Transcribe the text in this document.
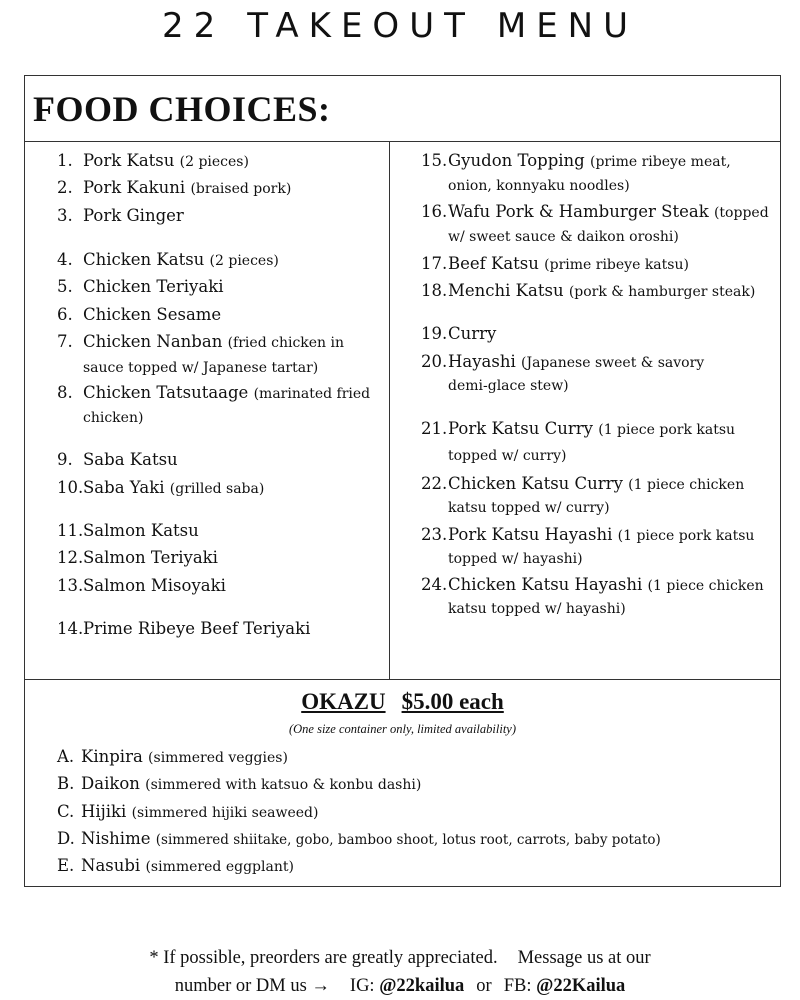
22 TAKEOUT MENU
FOOD CHOICES:
1. Pork Katsu (2 pieces)
2. Pork Kakuni (braised pork)
3. Pork Ginger
4. Chicken Katsu (2 pieces)
5. Chicken Teriyaki
6. Chicken Sesame
7. Chicken Nanban (fried chicken in
sauce topped w/ Japanese tartar)
8. Chicken Tatsutaage (marinated fried
chicken)
9. Saba Katsu
10.Saba Yaki (grilled saba)
11.Salmon Katsu
12.Salmon Teriyaki
13.Salmon Misoyaki
14.Prime Ribeye Beef Teriyaki
15.Gyudon Topping (prime ribeye meat,
onion, konnyaku noodles)
16.Wafu Pork & Hamburger Steak (topped
w/ sweet sauce & daikon oroshi)
17.Beef Katsu (prime ribeye katsu)
18.Menchi Katsu (pork & hamburger steak)
19.Curry
20.Hayashi (Japanese sweet & savory
demi-glace stew)
21.Pork Katsu Curry (1 piece pork katsu
topped w/ curry)
22.Chicken Katsu Curry (1 piece chicken
katsu topped w/ curry)
23.Pork Katsu Hayashi (1 piece pork katsu
topped w/ hayashi)
24.Chicken Katsu Hayashi (1 piece chicken
katsu topped w/ hayashi)
OKAZU $5.00 each
(One size container only, limited availability)
A. Kinpira (simmered veggies)
B. Daikon (simmered with katsuo & konbu dashi)
C. Hijiki (simmered hijiki seaweed)
D. Nishime (simmered shiitake, gobo, bamboo shoot, lotus root, carrots, baby potato)
E. Nasubi (simmered eggplant)
* If possible, preorders are greatly appreciated. Message us at our
number or DM us → IG: @22kailua or FB: @22Kailua
